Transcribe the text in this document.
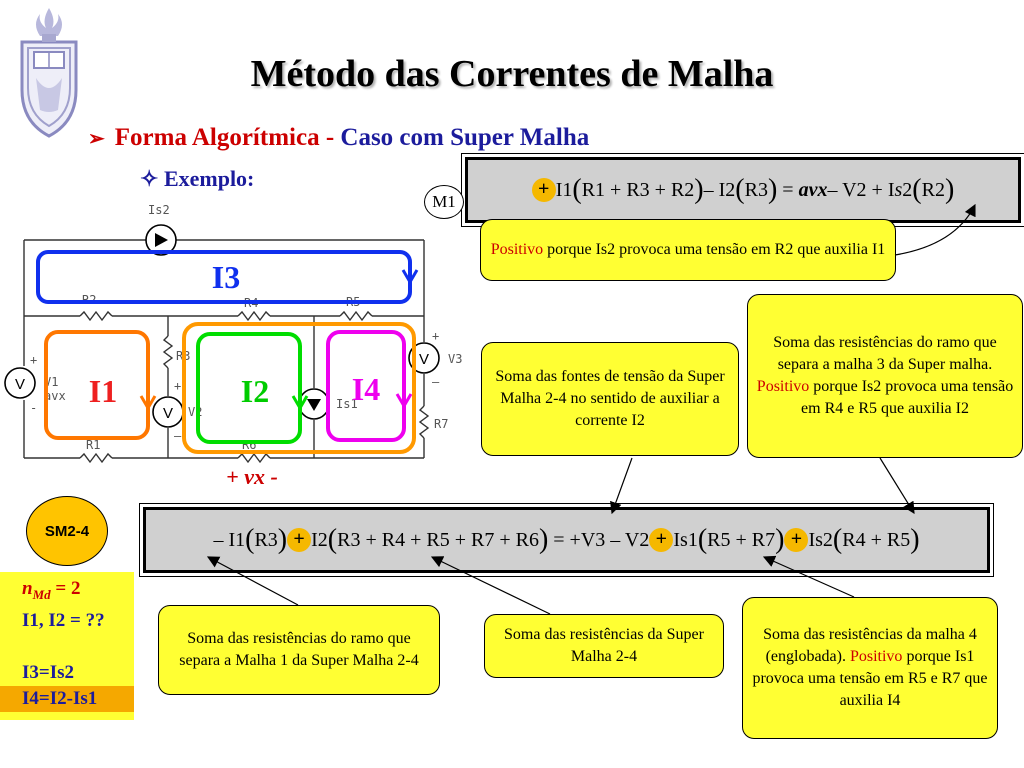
Método das Correntes de Malha
➢ Forma Algorítmica - Caso com Super Malha
✧ Exemplo:	+ I1 ( R1 + R3 + R2 ) – I2 ( R3 )
=
avx – V2 + I s 2 ( R2 )
M1
– I1 ( R3 ) + I2 ( R3 + R4 + R5 + R7 + R6 )
= +V3 – V2 + Is1 ( R5 + R7 ) + Is2 ( R4 + R5 )
SM2-4
$n_{Md} = 2$
I1, I2 = ??
I3=Is2
I4=I2-Is1
Positivo porque Is2 provoca uma tensão em R2 que auxilia I1
Soma das fontes de tensão da Super Malha 2-4 no sentido de auxiliar a corrente I2
Soma das resistências do ramo que separa a malha 3 da Super malha. Positivo porque Is2 provoca uma tensão em R4 e R5 que auxilia I2
Soma das resistências do ramo que separa a Malha 1 da Super Malha 2-4
Soma das resistências da Super Malha 2-4
Soma das resistências da malha 4 (englobada). Positivo porque Is1 provoca uma tensão em R5 e R7 que auxilia I4
V
V
V
Is2
R2	R4	R5
R3	V3
R7
V1
avx
V2
Is1
R1	R6
+
-
+
–
+
–
I3
I1	I2	I4
+ vx -
